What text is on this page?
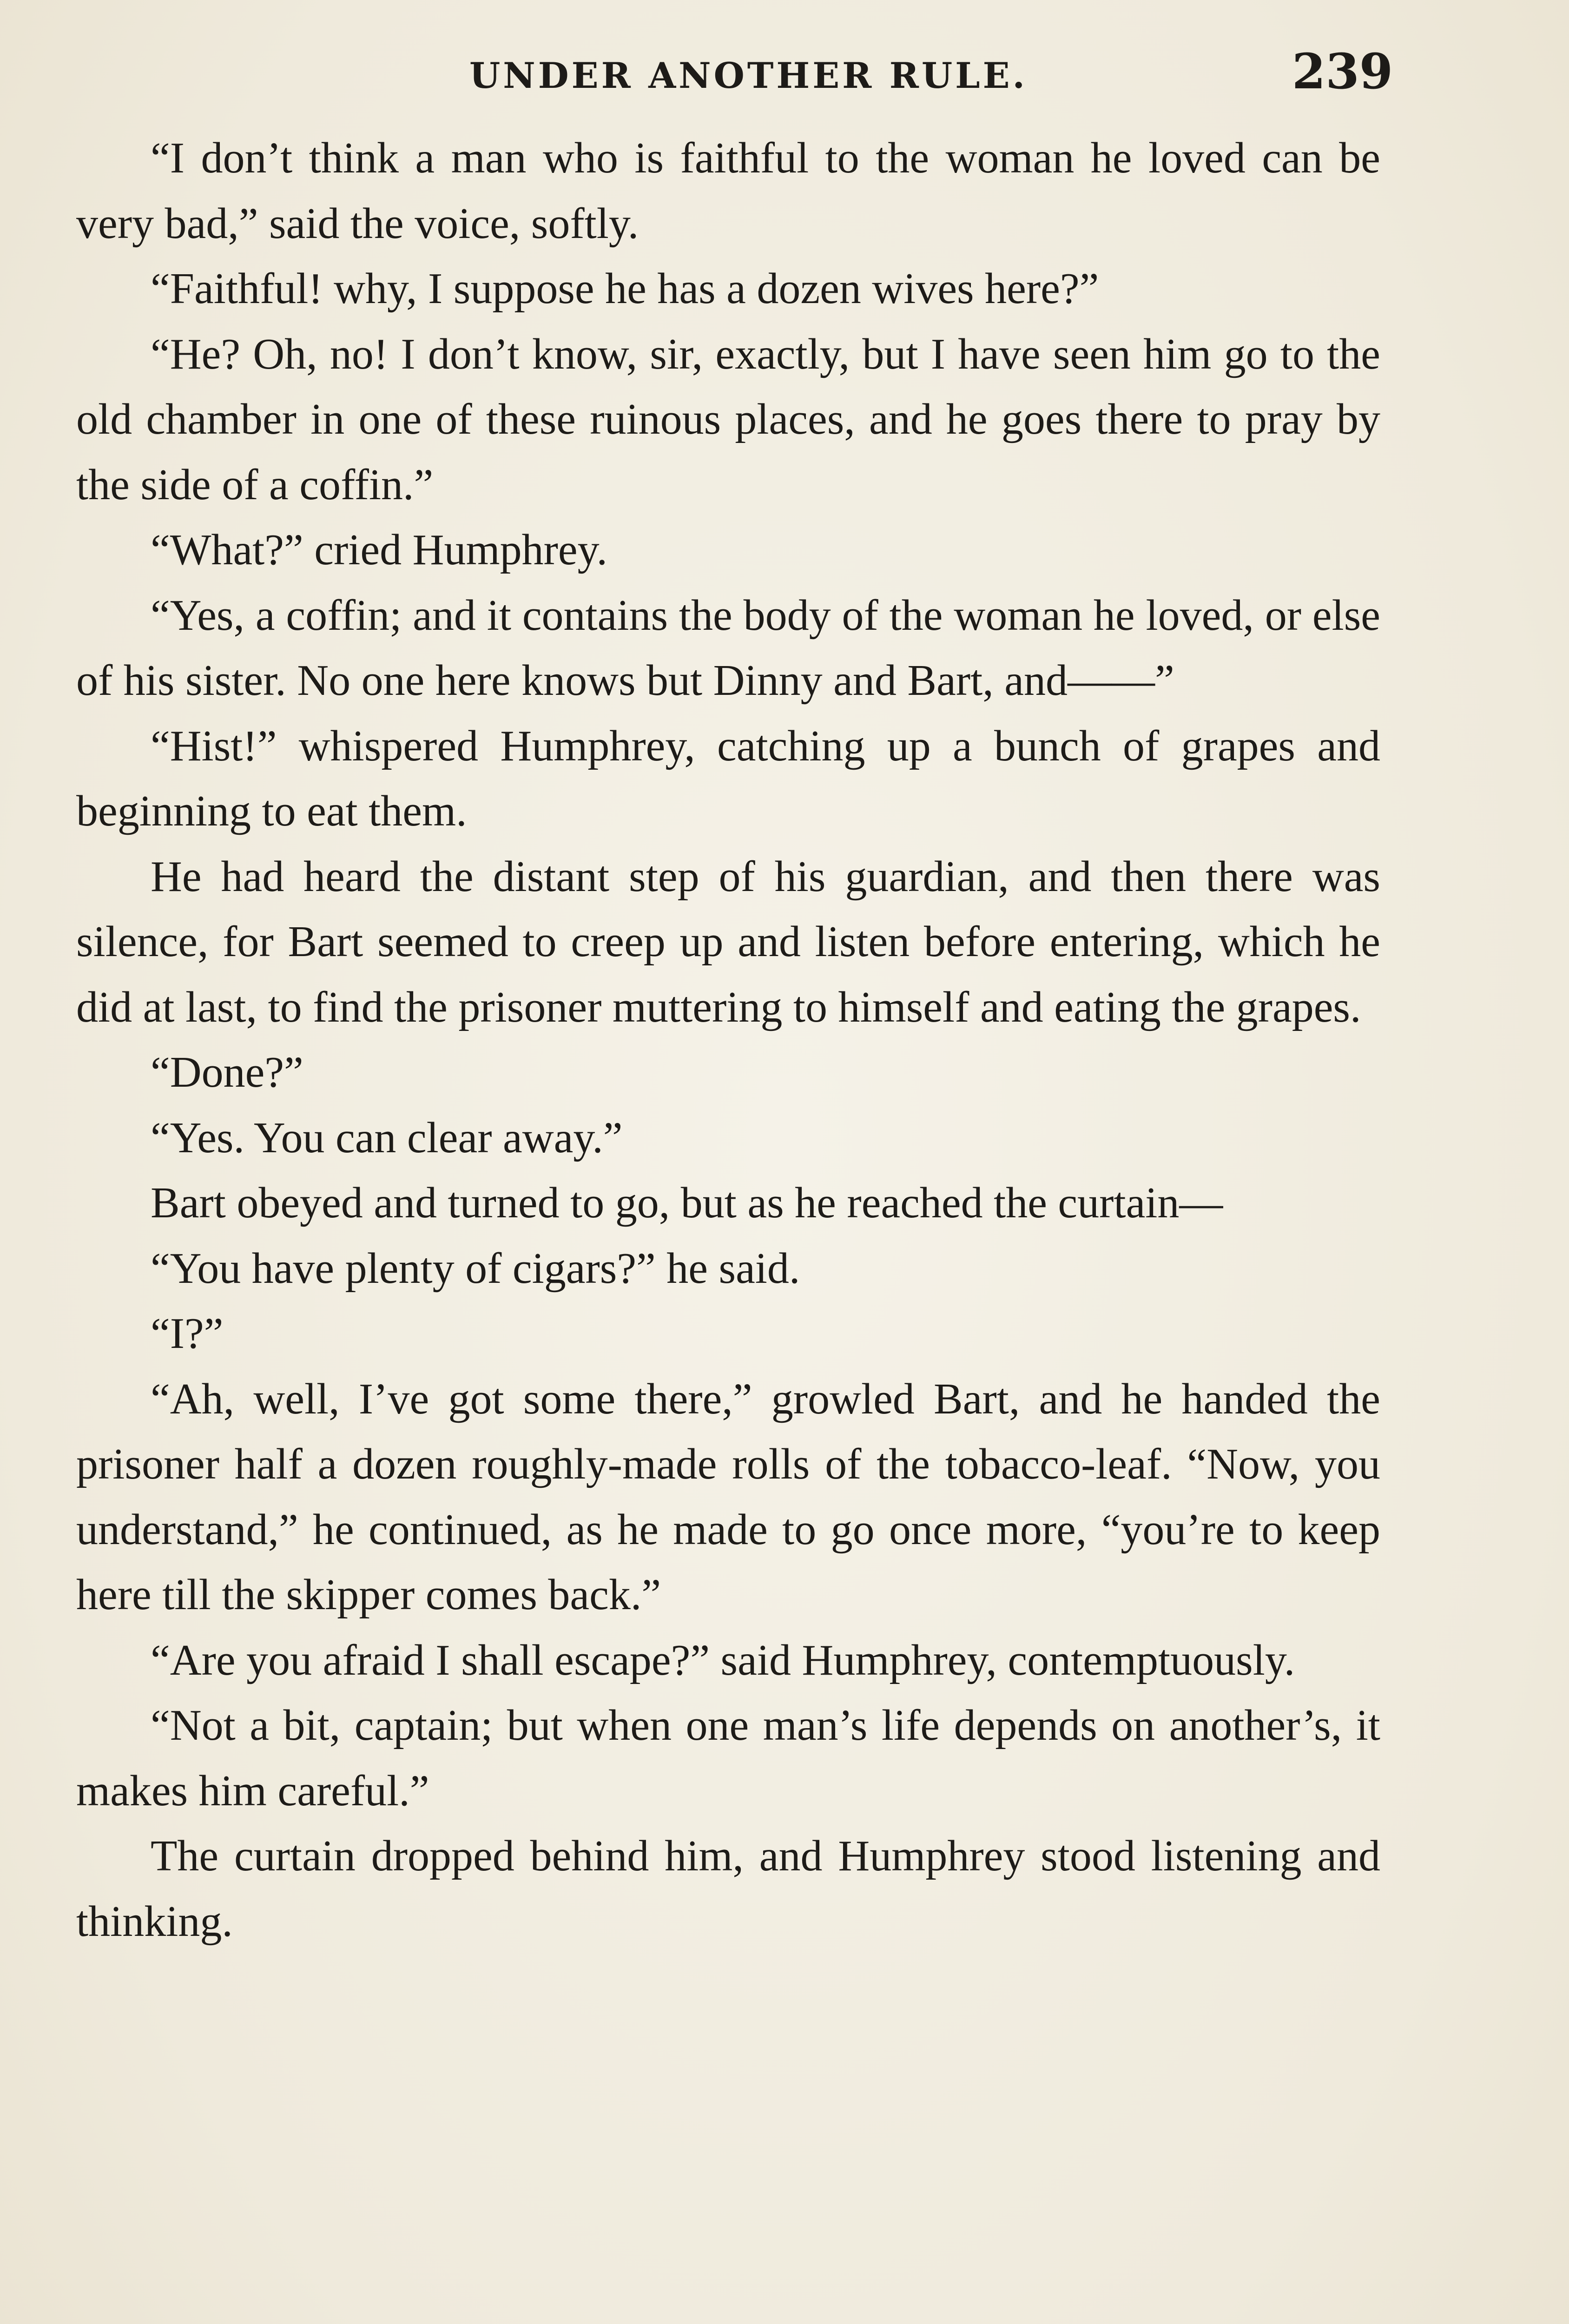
UNDER ANOTHER RULE.	239

“I don’t think a man who is faithful to the woman he loved can be very bad,” said the voice, softly.

“Faithful! why, I suppose he has a dozen wives here?”

“He? Oh, no! I don’t know, sir, exactly, but I have seen him go to the old chamber in one of these ruinous places, and he goes there to pray by the side of a coffin.”

“What?” cried Humphrey.

“Yes, a coffin; and it contains the body of the woman he loved, or else of his sister. No one here knows but Dinny and Bart, and——”

“Hist!” whispered Humphrey, catching up a bunch of grapes and beginning to eat them.

He had heard the distant step of his guardian, and then there was silence, for Bart seemed to creep up and listen before entering, which he did at last, to find the prisoner muttering to himself and eating the grapes.

“Done?”

“Yes. You can clear away.”

Bart obeyed and turned to go, but as he reached the curtain—

“You have plenty of cigars?” he said.

“I?”

“Ah, well, I’ve got some there,” growled Bart, and he handed the prisoner half a dozen roughly-made rolls of the tobacco-leaf. “Now, you understand,” he continued, as he made to go once more, “you’re to keep here till the skipper comes back.”

“Are you afraid I shall escape?” said Humphrey, contemptuously.

“Not a bit, captain; but when one man’s life depends on another’s, it makes him careful.”

The curtain dropped behind him, and Humphrey stood listening and thinking.
